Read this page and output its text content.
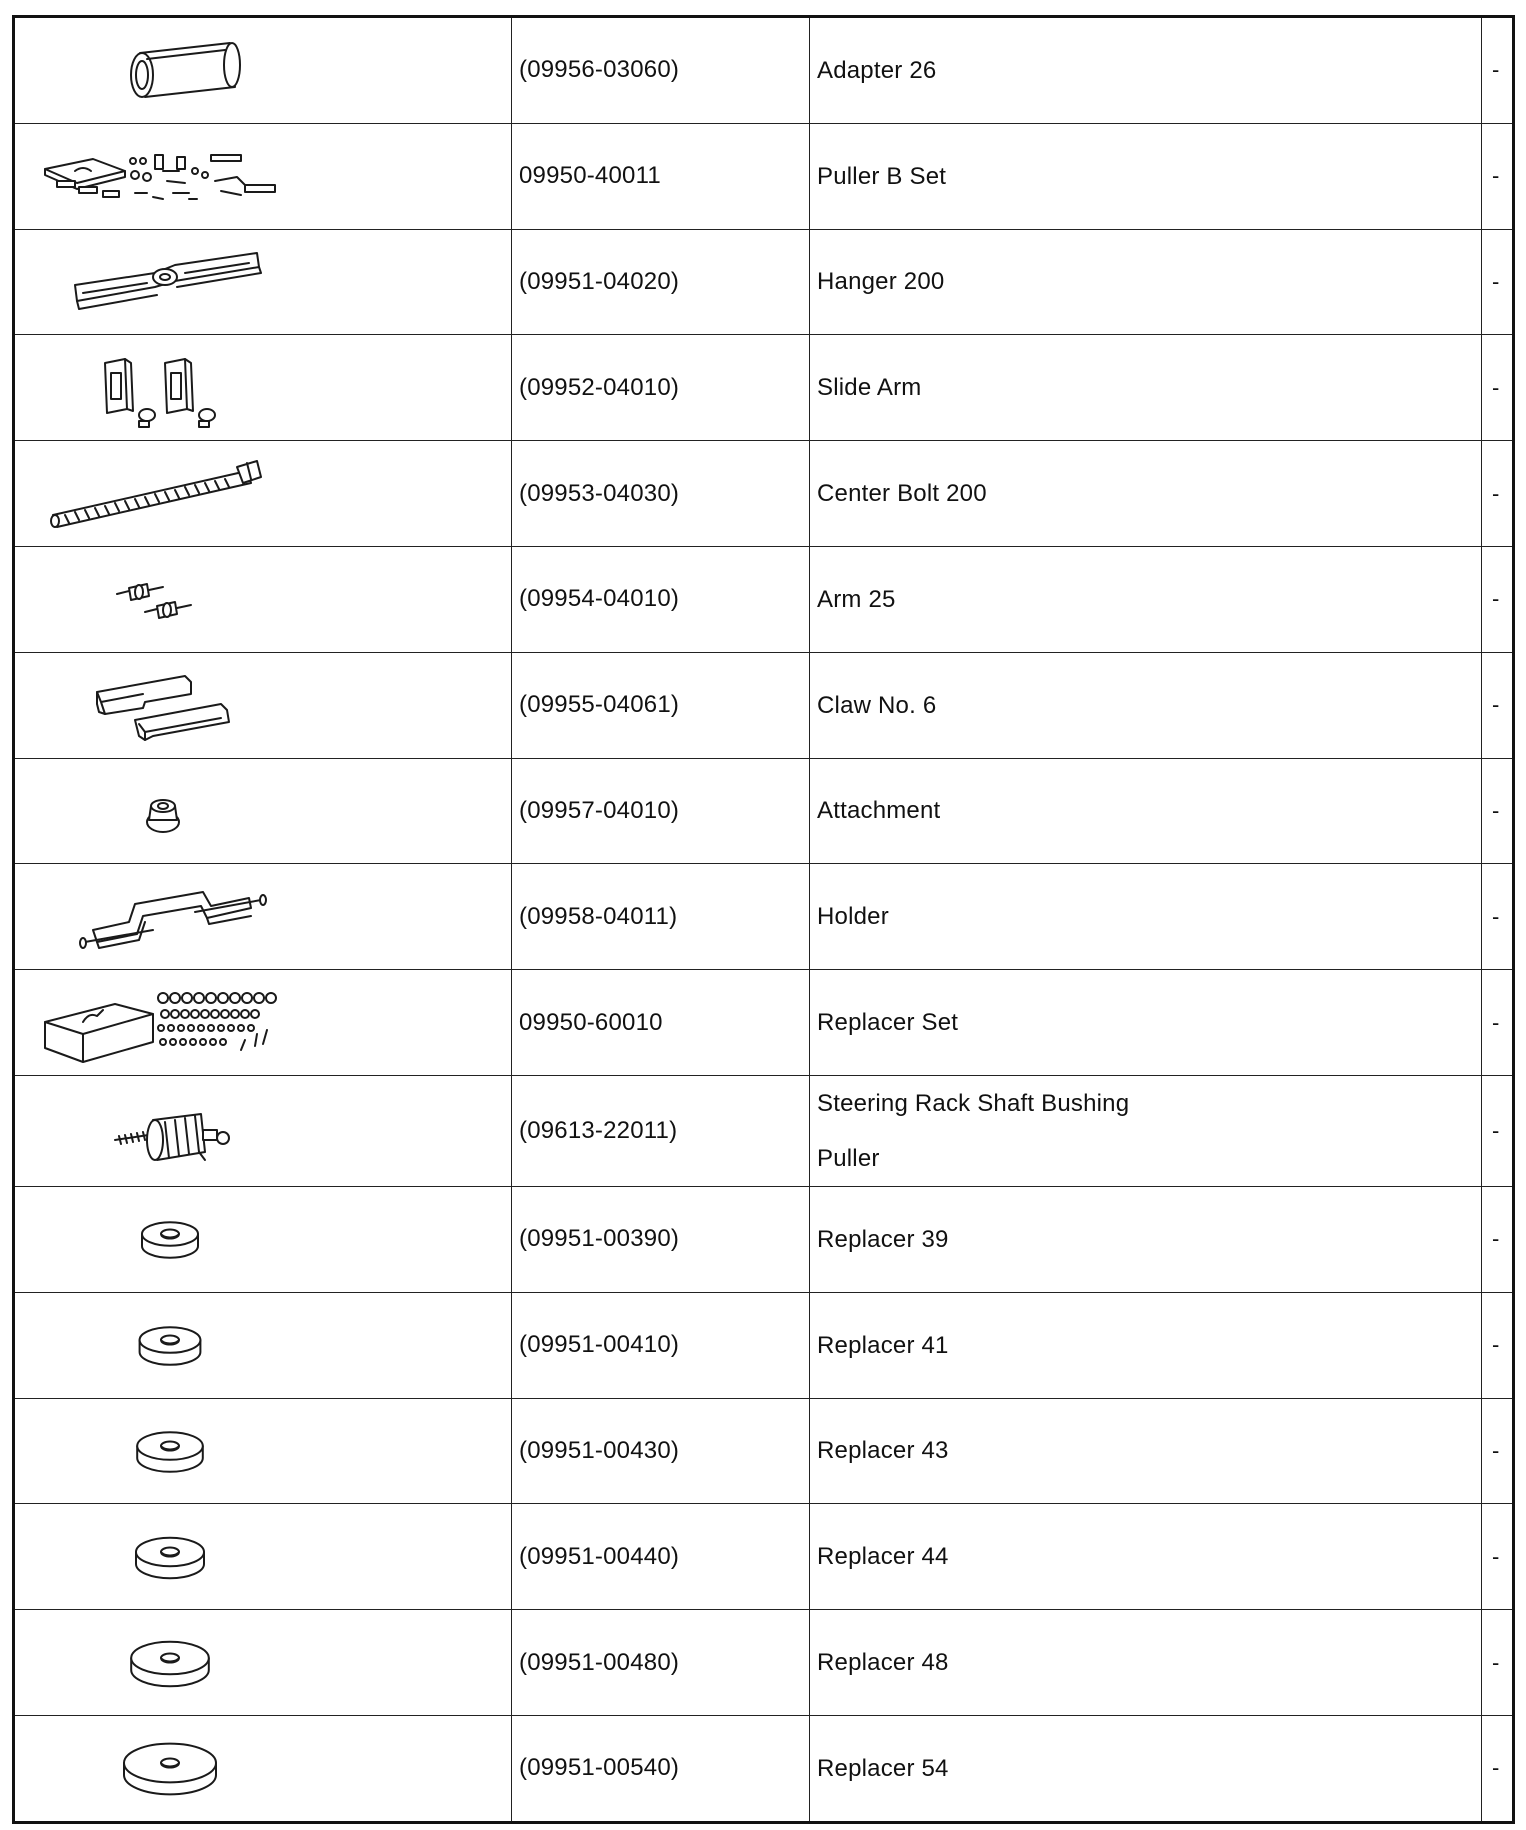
	(09956-03060)	Adapter 26	-

	09950-40011	Puller B Set	-

	(09951-04020)	Hanger 200	-

	(09952-04010)	Slide Arm	-

	(09953-04030)	Center Bolt 200	-

	(09954-04010)	Arm 25	-

	(09955-04061)	Claw No. 6	-

	(09957-04010)	Attachment	-

	(09958-04011)	Holder	-

	09950-60010	Replacer Set	-

	(09613-22011)	Steering Rack Shaft Bushing
Puller	-

	(09951-00390)	Replacer 39	-

	(09951-00410)	Replacer 41	-

	(09951-00430)	Replacer 43	-

	(09951-00440)	Replacer 44	-

	(09951-00480)	Replacer 48	-

	(09951-00540)	Replacer 54	-
